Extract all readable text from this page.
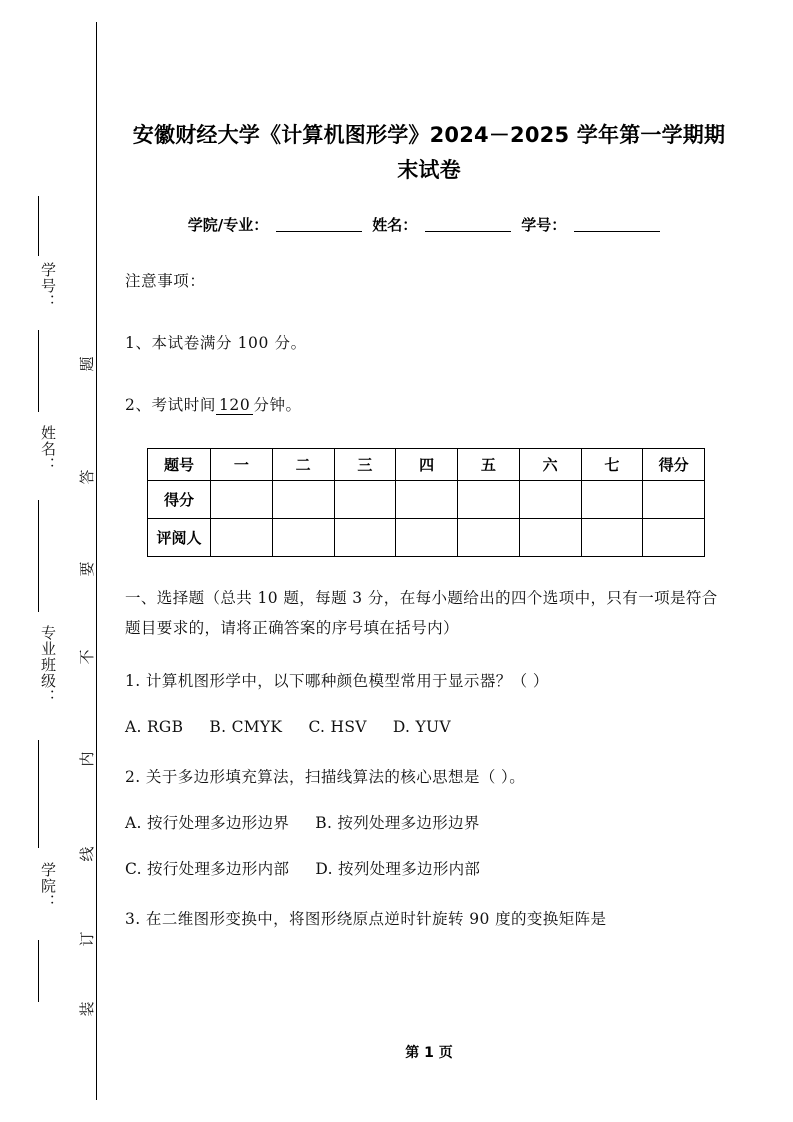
题
答
要
不
内
线
订
装
学号：
姓名：
专业班级：
学院：
安徽财经大学《计算机图形学》2024－2025 学年第一学期期末试卷
学院/专业：	姓名：	学号：
注意事项：
1、本试卷满分 100 分。
2、考试时间 120 分钟。
题号	一	二	三	四	五	六	七	得分
得分								
评阅人								
一、选择题（总共 10 题，每题 3 分，在每小题给出的四个选项中，只有一项是符合题目要求的，请将正确答案的序号填在括号内）
1. 计算机图形学中，以下哪种颜色模型常用于显示器？（ ）
A. RGB     B. CMYK     C. HSV     D. YUV
2. 关于多边形填充算法，扫描线算法的核心思想是（ ）。
A. 按行处理多边形边界     B. 按列处理多边形边界
C. 按行处理多边形内部     D. 按列处理多边形内部
3. 在二维图形变换中，将图形绕原点逆时针旋转 90 度的变换矩阵是
第 1 页
